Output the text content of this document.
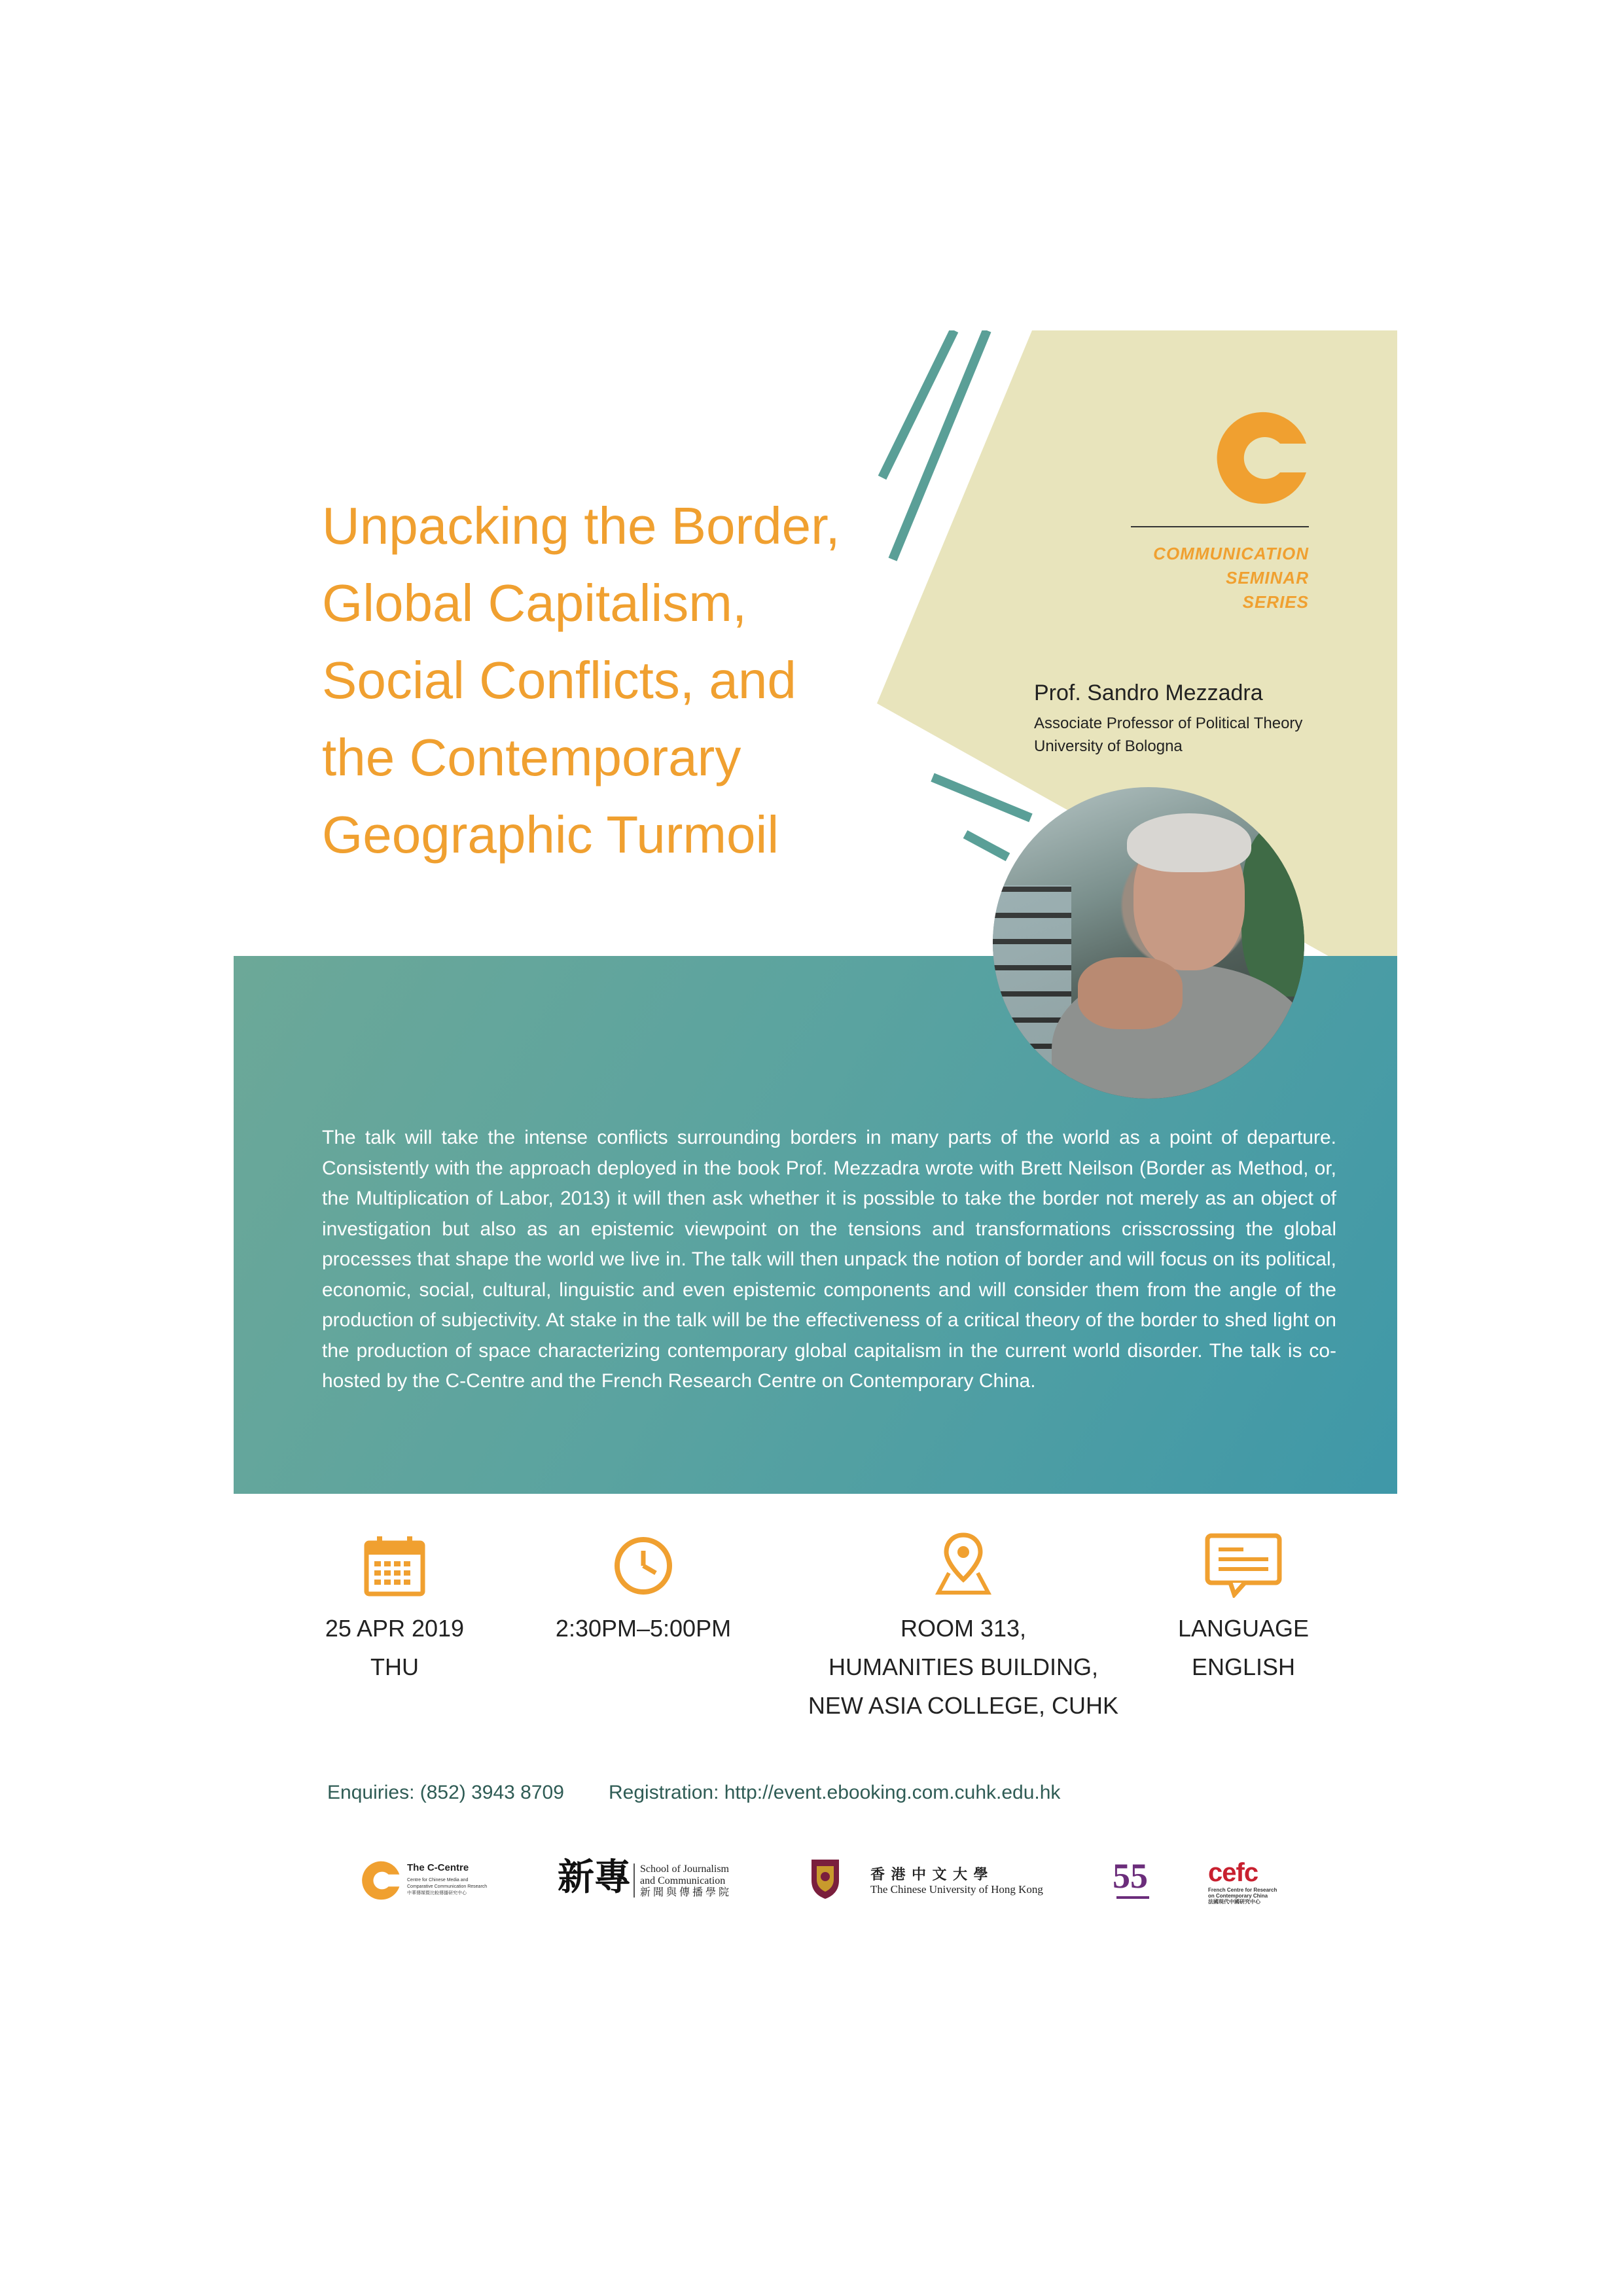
Unpacking the Border,
Global Capitalism,
Social Conflicts, and
the Contemporary
Geographic Turmoil
COMMUNICATION
SEMINAR
SERIES
Prof. Sandro Mezzadra
Associate Professor of Political Theory
University of Bologna
The talk will take the intense conflicts surrounding borders in many parts of the world as a point of departure. Consistently with the approach deployed in the book Prof. Mezzadra wrote with Brett Neilson (Border as Method, or, the Multiplication of Labor, 2013) it will then ask whether it is possible to take the border not merely as an object of investigation but also as an epistemic viewpoint on the tensions and transformations crisscrossing the global processes that shape the world we live in. The talk will then unpack the notion of border and will focus on its political, economic, social, cultural, linguistic and even epistemic components and will consider them from the angle of the production of subjectivity. At stake in the talk will be the effectiveness of a critical theory of the border to shed light on the production of space characterizing contemporary global capitalism in the current world disorder. The talk is co-hosted by the C-Centre and the French Research Centre on Contemporary China.
25 APR 2019
THU
2:30PM–5:00PM	ROOM 313,
HUMANITIES BUILDING,
NEW ASIA COLLEGE, CUHK
LANGUAGE
ENGLISH
Enquiries: (852) 3943 8709 Registration: http://event.ebooking.com.cuhk.edu.hk
The C-Centre
Centre for Chinese Media and
Comparative Communication Research
中華傳媒暨比較傳播研究中心	新專 School of Journalism
and Communication
新 聞 與 傳 播 學 院
香 港 中 文 大 學
The Chinese University of Hong Kong 55 cefc
French Centre for Research
on Contemporary China
法國現代中國研究中心
